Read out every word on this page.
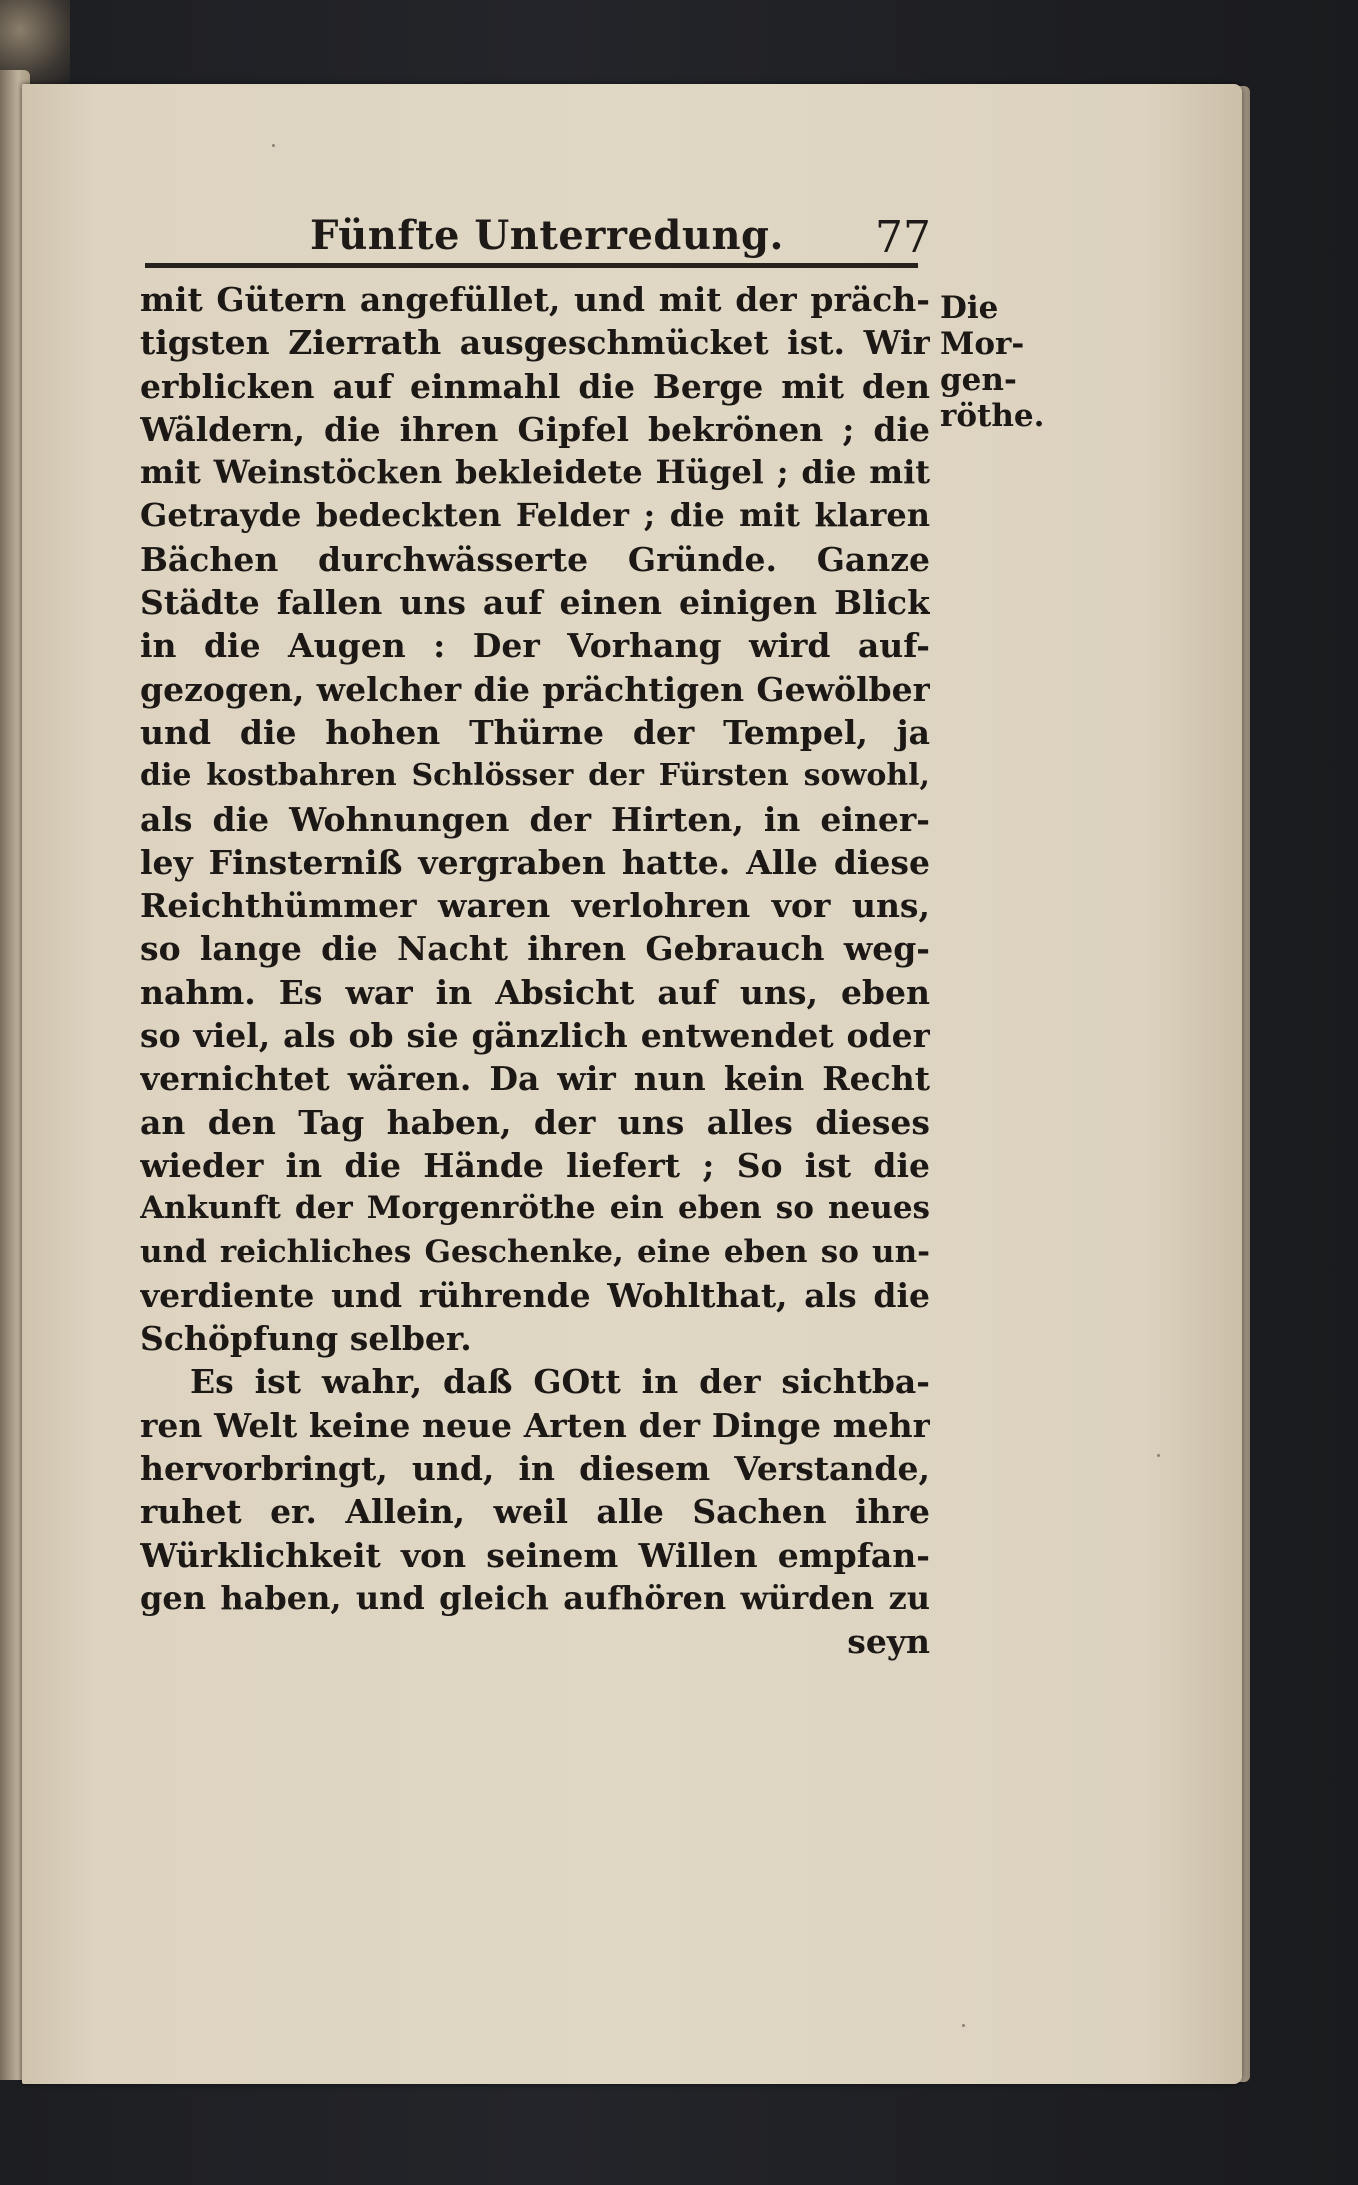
Fünfte Unterredung. 77
mit Gütern angefüllet, und mit der präch-
tigsten Zierrath ausgeschmücket ist. Wir
erblicken auf einmahl die Berge mit den
Wäldern, die ihren Gipfel bekrönen ; die
mit Weinstöcken bekleidete Hügel ; die mit
Getrayde bedeckten Felder ; die mit klaren
Bächen durchwässerte Gründe. Ganze
Städte fallen uns auf einen einigen Blick
in die Augen : Der Vorhang wird auf-
gezogen, welcher die prächtigen Gewölber
und die hohen Thürne der Tempel, ja
die kostbahren Schlösser der Fürsten sowohl,
als die Wohnungen der Hirten, in einer-
ley Finsterniß vergraben hatte. Alle diese
Reichthümmer waren verlohren vor uns,
so lange die Nacht ihren Gebrauch weg-
nahm. Es war in Absicht auf uns, eben
so viel, als ob sie gänzlich entwendet oder
vernichtet wären. Da wir nun kein Recht
an den Tag haben, der uns alles dieses
wieder in die Hände liefert ; So ist die
Ankunft der Morgenröthe ein eben so neues
und reichliches Geschenke, eine eben so un-
verdiente und rührende Wohlthat, als die
Schöpfung selber.
Es ist wahr, daß GOtt in der sichtba-
ren Welt keine neue Arten der Dinge mehr
hervorbringt, und, in diesem Verstande,
ruhet er. Allein, weil alle Sachen ihre
Würklichkeit von seinem Willen empfan-
gen haben, und gleich aufhören würden zu
seyn
Die
Mor-
gen-
röthe.
